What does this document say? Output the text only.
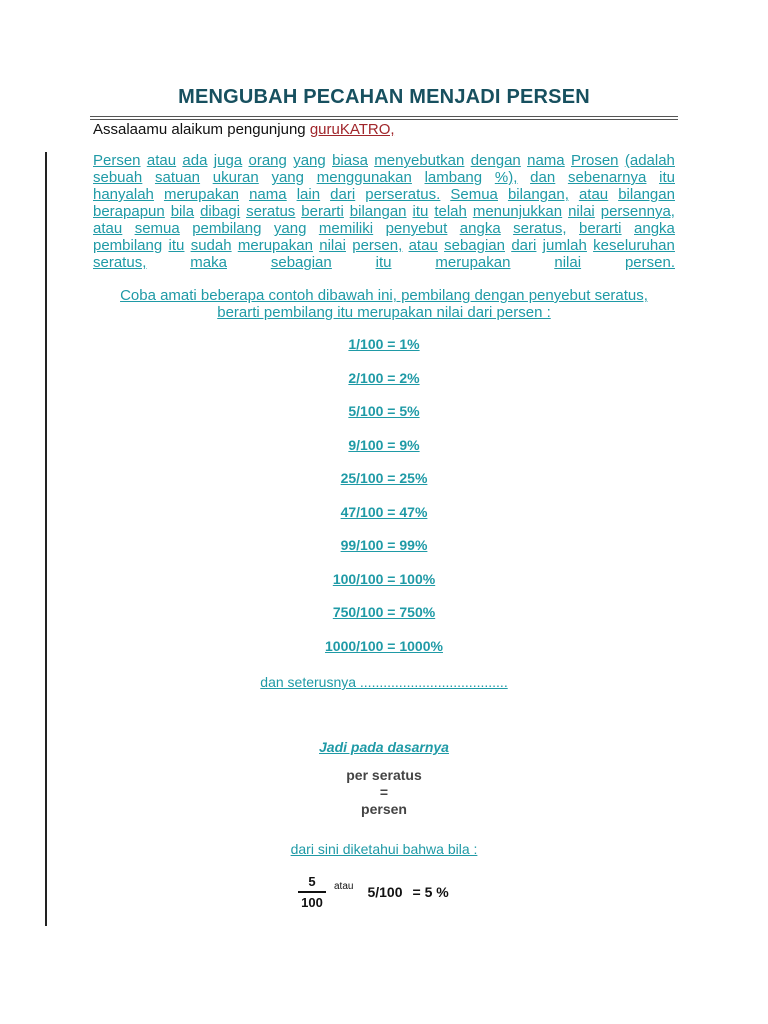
MENGUBAH PECAHAN MENJADI PERSEN
Assalaamu alaikum pengunjung guruKATRO,
Persen atau ada juga orang yang biasa menyebutkan dengan nama Prosen (adalah
sebuah satuan ukuran yang menggunakan lambang %), dan sebenarnya itu
hanyalah merupakan nama lain dari perseratus. Semua bilangan, atau bilangan
berapapun bila dibagi seratus berarti bilangan itu telah menunjukkan nilai persennya,
atau semua pembilang yang memiliki penyebut angka seratus, berarti angka
pembilang itu sudah merupakan nilai persen, atau sebagian dari jumlah keseluruhan
seratus,	maka	sebagian	itu	merupakan	nilai	persen.
Coba amati beberapa contoh dibawah ini, pembilang dengan penyebut seratus,
berarti pembilang itu merupakan nilai dari persen :
1/100 = 1%
2/100 = 2%
5/100 = 5%
9/100 = 9%
25/100 = 25%
47/100 = 47%
99/100 = 99%
100/100 = 100%
750/100 = 750%
1000/100 = 1000%
dan seterusnya ......................................
Jadi pada dasarnya
per seratus
=
persen
dari sini diketahui bahwa bila :
$\frac{5}{100}$ atau 5/100 = 5 %
